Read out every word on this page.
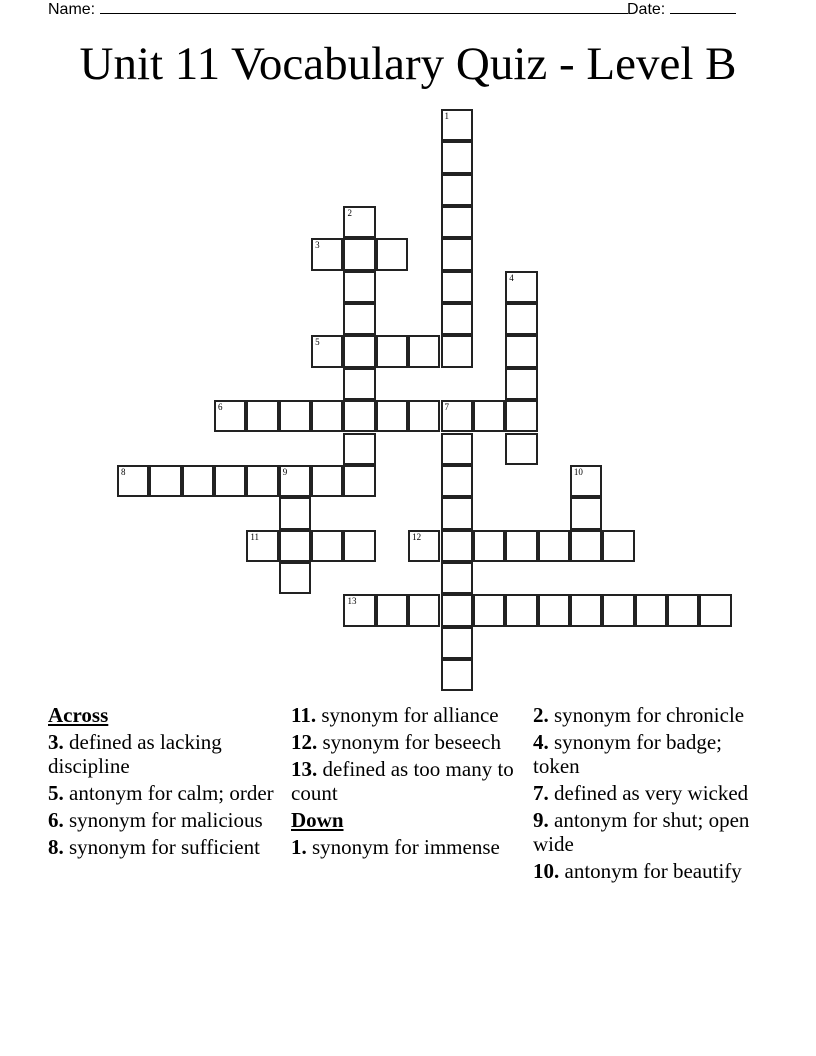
Name:	Date:
Unit 11 Vocabulary Quiz - Level B
1
2
3
4
5
6	7
8	9	10
11	12
13
Across
3. defined as lacking discipline
5. antonym for calm; order
6. synonym for malicious
8. synonym for sufficient
11. synonym for alliance
12. synonym for beseech
13. defined as too many to count
Down
1. synonym for immense
2. synonym for chronicle
4. synonym for badge; token
7. defined as very wicked
9. antonym for shut; open wide
10. antonym for beautify
